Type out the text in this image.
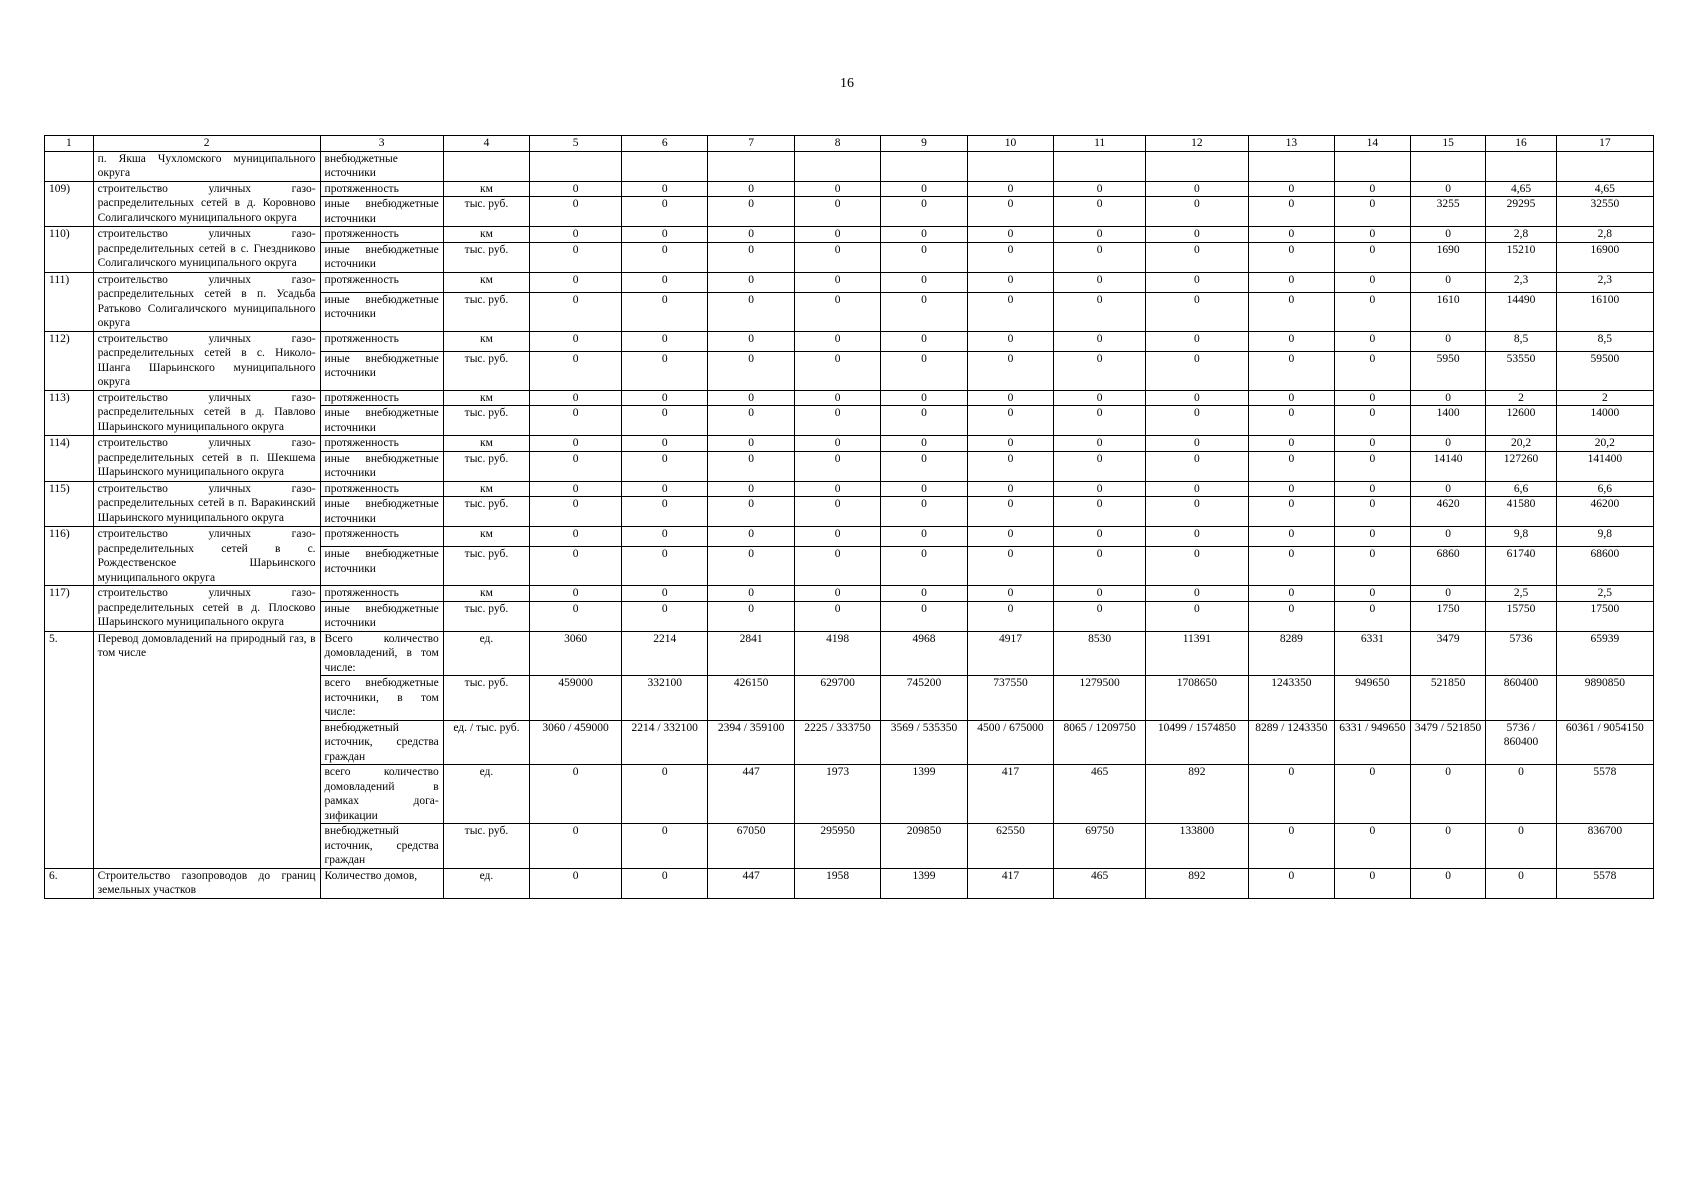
16
1	2	3	4	5	6	7	8	9	10	11	12	13	14	15	16	17
	п. Якша Чухломского муниципального округа	внебюджетные источники														
109)	строительство уличных газо-распределительных сетей в д. Коровново Солигаличского муниципального округа	протяженность	км	0	0	0	0	0	0	0	0	0	0	0	4,65	4,65
		иные внебюджетные источники	тыс. руб.	0	0	0	0	0	0	0	0	0	0	3255	29295	32550
110)	строительство уличных газо-распределительных сетей в с. Гнездниково Солигаличского муниципального округа	протяженность	км	0	0	0	0	0	0	0	0	0	0	0	2,8	2,8
		иные внебюджетные источники	тыс. руб.	0	0	0	0	0	0	0	0	0	0	1690	15210	16900
111)	строительство уличных газо-распределительных сетей в п. Усадьба Ратьково Солигаличского муниципального округа	протяженность	км	0	0	0	0	0	0	0	0	0	0	0	2,3	2,3
		иные внебюджетные источники	тыс. руб.	0	0	0	0	0	0	0	0	0	0	1610	14490	16100
112)	строительство уличных газо-распределительных сетей в с. Николо-Шанга Шарьинского муниципального округа	протяженность	км	0	0	0	0	0	0	0	0	0	0	0	8,5	8,5
		иные внебюджетные источники	тыс. руб.	0	0	0	0	0	0	0	0	0	0	5950	53550	59500
113)	строительство уличных газо-распределительных сетей в д. Павлово Шарьинского муниципального округа	протяженность	км	0	0	0	0	0	0	0	0	0	0	0	2	2
		иные внебюджетные источники	тыс. руб.	0	0	0	0	0	0	0	0	0	0	1400	12600	14000
114)	строительство уличных газо-распределительных сетей в п. Шекшема Шарьинского муниципального округа	протяженность	км	0	0	0	0	0	0	0	0	0	0	0	20,2	20,2
		иные внебюджетные источники	тыс. руб.	0	0	0	0	0	0	0	0	0	0	14140	127260	141400
115)	строительство уличных газо-распределительных сетей в п. Варакинский Шарьинского муниципального округа	протяженность	км	0	0	0	0	0	0	0	0	0	0	0	6,6	6,6
		иные внебюджетные источники	тыс. руб.	0	0	0	0	0	0	0	0	0	0	4620	41580	46200
116)	строительство уличных газо-распределительных сетей в с. Рождественское Шарьинского муниципального округа	протяженность	км	0	0	0	0	0	0	0	0	0	0	0	9,8	9,8
		иные внебюджетные источники	тыс. руб.	0	0	0	0	0	0	0	0	0	0	6860	61740	68600
117)	строительство уличных газо-распределительных сетей в д. Плосково Шарьинского муниципального округа	протяженность	км	0	0	0	0	0	0	0	0	0	0	0	2,5	2,5
		иные внебюджетные источники	тыс. руб.	0	0	0	0	0	0	0	0	0	0	1750	15750	17500
5.	Перевод домовладений на природный газ, в том числе	Всего количество домовладений, в том числе:	ед.	3060	2214	2841	4198	4968	4917	8530	11391	8289	6331	3479	5736	65939
		всего внебюджетные источники, в том числе:	тыс. руб.	459000	332100	426150	629700	745200	737550	1279500	1708650	1243350	949650	521850	860400	9890850
		внебюджетный источник, средства граждан	ед. / тыс. руб.	3060 / 459000	2214 / 332100	2394 / 359100	2225 / 333750	3569 / 535350	4500 / 675000	8065 / 1209750	10499 / 1574850	8289 / 1243350	6331 / 949650	3479 / 521850	5736 / 860400	60361 / 9054150
		всего количество домовладений в рамках дога-зификации	ед.	0	0	447	1973	1399	417	465	892	0	0	0	0	5578
		внебюджетный источник, средства граждан	тыс. руб.	0	0	67050	295950	209850	62550	69750	133800	0	0	0	0	836700
6.	Строительство газопроводов до границ земельных участков	Количество домов,	ед.	0	0	447	1958	1399	417	465	892	0	0	0	0	5578
